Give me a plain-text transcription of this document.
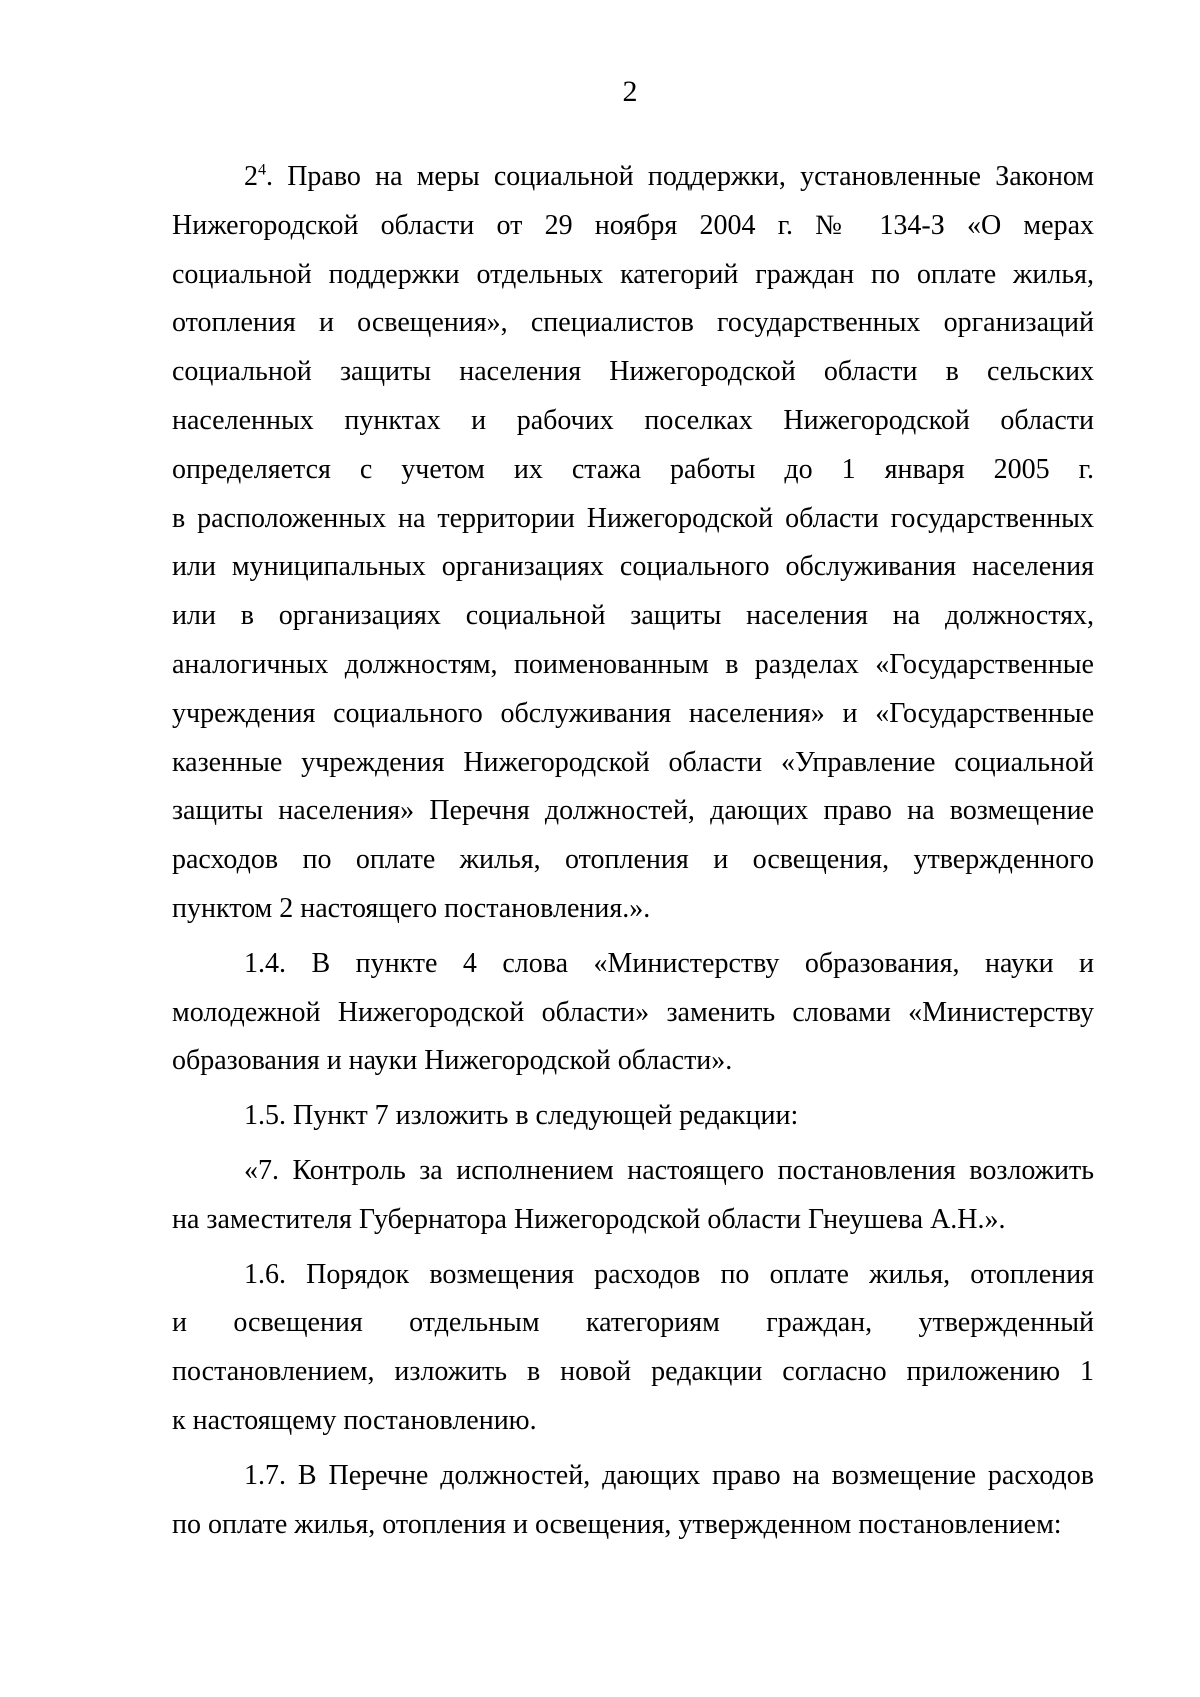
2
$2^4$. Право на меры социальной поддержки, установленные Законом
Нижегородской области от 29 ноября 2004 г. № 134-З «О мерах
социальной поддержки отдельных категорий граждан по оплате жилья,
отопления и освещения», специалистов государственных организаций
социальной защиты населения Нижегородской области в сельских
населенных пунктах и рабочих поселках Нижегородской области
определяется с учетом их стажа работы до 1 января 2005 г.
в расположенных на территории Нижегородской области государственных
или муниципальных организациях социального обслуживания населения
или в организациях социальной защиты населения на должностях,
аналогичных должностям, поименованным в разделах «Государственные
учреждения социального обслуживания населения» и «Государственные
казенные учреждения Нижегородской области «Управление социальной
защиты населения» Перечня должностей, дающих право на возмещение
расходов по оплате жилья, отопления и освещения, утвержденного
пунктом 2 настоящего постановления.».
1.4. В пункте 4 слова «Министерству образования, науки и
молодежной Нижегородской области» заменить словами «Министерству
образования и науки Нижегородской области».
1.5. Пункт 7 изложить в следующей редакции:
«7. Контроль за исполнением настоящего постановления возложить
на заместителя Губернатора Нижегородской области Гнеушева А.Н.».
1.6. Порядок возмещения расходов по оплате жилья, отопления
и освещения отдельным категориям граждан, утвержденный
постановлением, изложить в новой редакции согласно приложению 1
к настоящему постановлению.
1.7. В Перечне должностей, дающих право на возмещение расходов
по оплате жилья, отопления и освещения, утвержденном постановлением:
